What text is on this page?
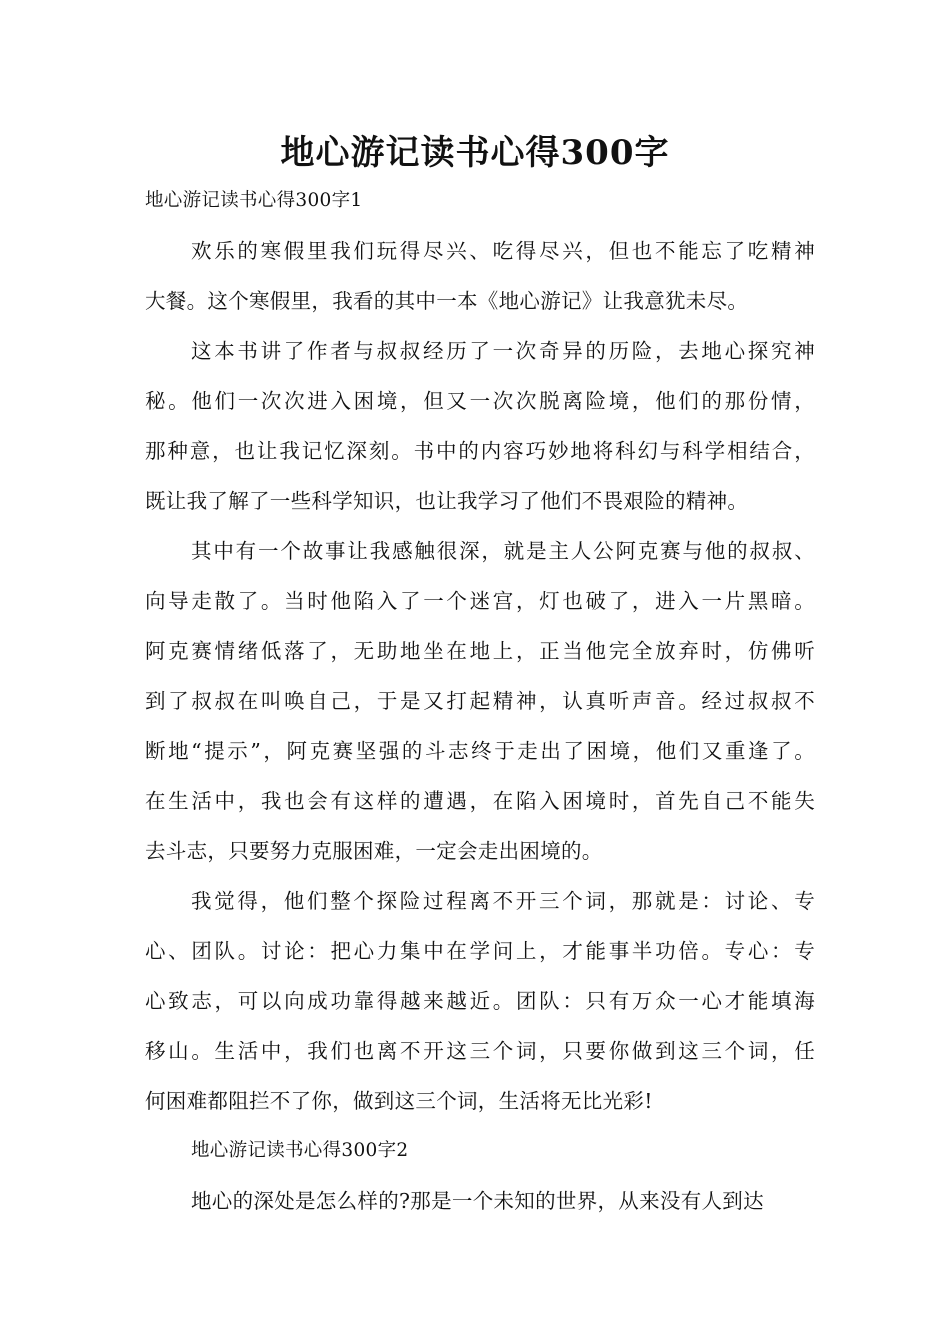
地心游记读书心得300字
地心游记读书心得300字1
欢乐的寒假里我们玩得尽兴、吃得尽兴，但也不能忘了吃精神
大餐。这个寒假里，我看的其中一本《地心游记》让我意犹未尽。
这本书讲了作者与叔叔经历了一次奇异的历险，去地心探究神
秘。他们一次次进入困境，但又一次次脱离险境，他们的那份情，
那种意，也让我记忆深刻。书中的内容巧妙地将科幻与科学相结合，
既让我了解了一些科学知识，也让我学习了他们不畏艰险的精神。
其中有一个故事让我感触很深，就是主人公阿克赛与他的叔叔、
向导走散了。当时他陷入了一个迷宫，灯也破了，进入一片黑暗。
阿克赛情绪低落了，无助地坐在地上，正当他完全放弃时，仿佛听
到了叔叔在叫唤自己，于是又打起精神，认真听声音。经过叔叔不
断地“提示”，阿克赛坚强的斗志终于走出了困境，他们又重逢了。
在生活中，我也会有这样的遭遇，在陷入困境时，首先自己不能失
去斗志，只要努力克服困难，一定会走出困境的。
我觉得，他们整个探险过程离不开三个词，那就是：讨论、专
心、团队。讨论：把心力集中在学问上，才能事半功倍。专心：专
心致志，可以向成功靠得越来越近。团队：只有万众一心才能填海
移山。生活中，我们也离不开这三个词，只要你做到这三个词，任
何困难都阻拦不了你，做到这三个词，生活将无比光彩!
地心游记读书心得300字2
地心的深处是怎么样的?那是一个未知的世界，从来没有人到达
